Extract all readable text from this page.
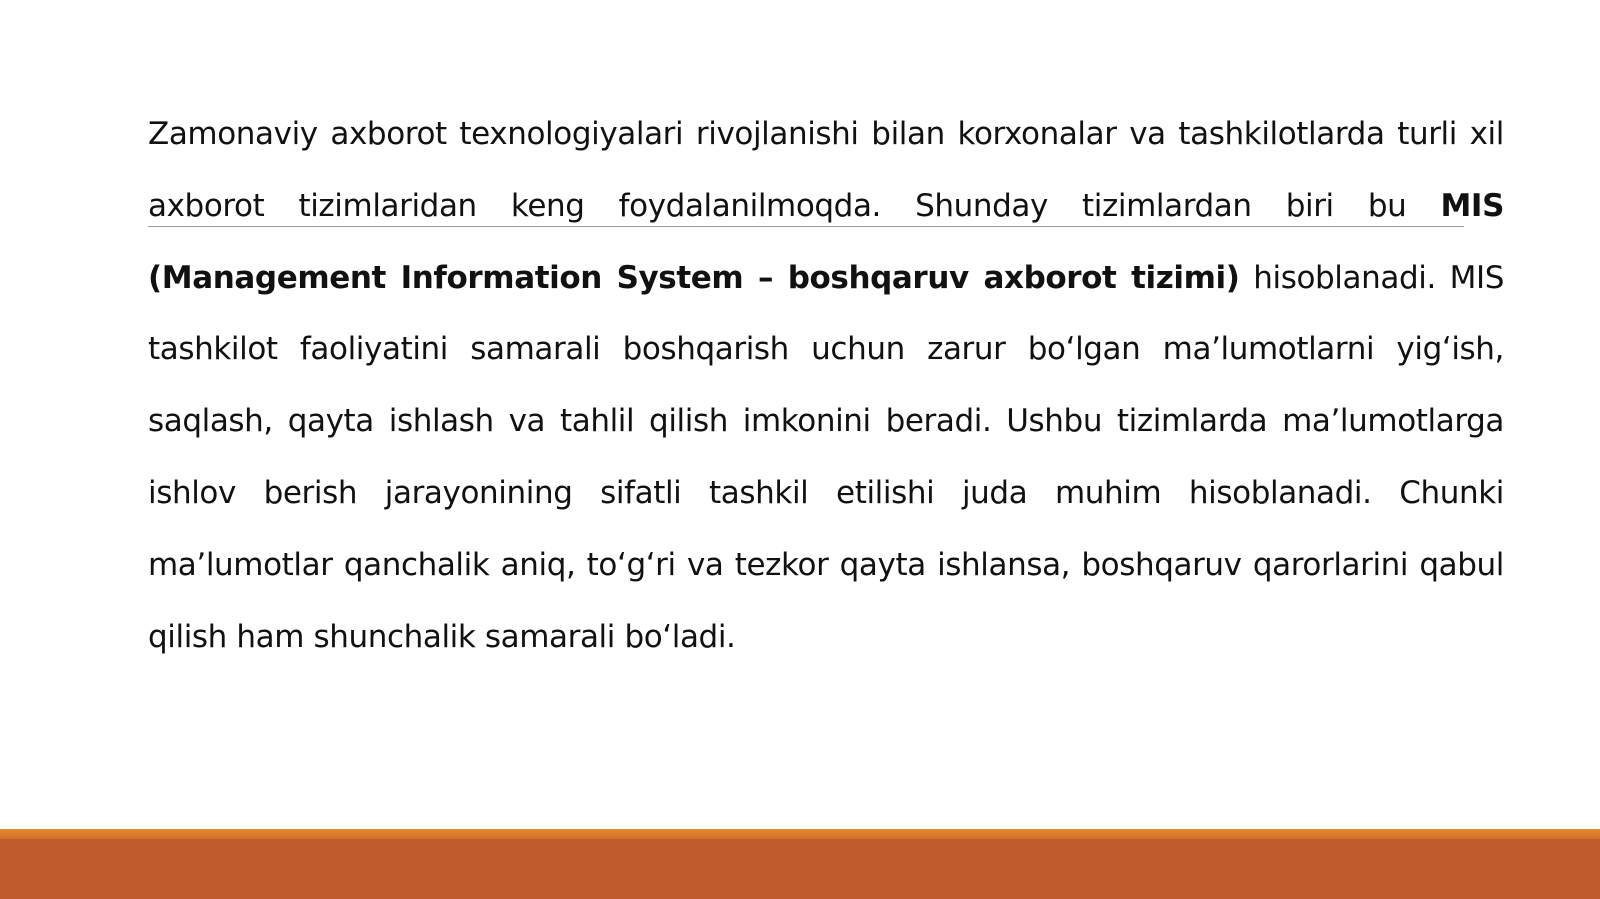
Zamonaviy axborot texnologiyalari rivojlanishi bilan korxonalar va tashkilotlarda turli xil axborot tizimlaridan keng foydalanilmoqda. Shunday tizimlardan biri bu MIS (Management Information System – boshqaruv axborot tizimi) hisoblanadi. MIS tashkilot faoliyatini samarali boshqarish uchun zarur bo‘lgan ma’lumotlarni yig‘ish, saqlash, qayta ishlash va tahlil qilish imkonini beradi. Ushbu tizimlarda ma’lumotlarga ishlov berish jarayonining sifatli tashkil etilishi juda muhim hisoblanadi. Chunki ma’lumotlar qanchalik aniq, to‘g‘ri va tezkor qayta ishlansa, boshqaruv qarorlarini qabul qilish ham shunchalik samarali bo‘ladi.
